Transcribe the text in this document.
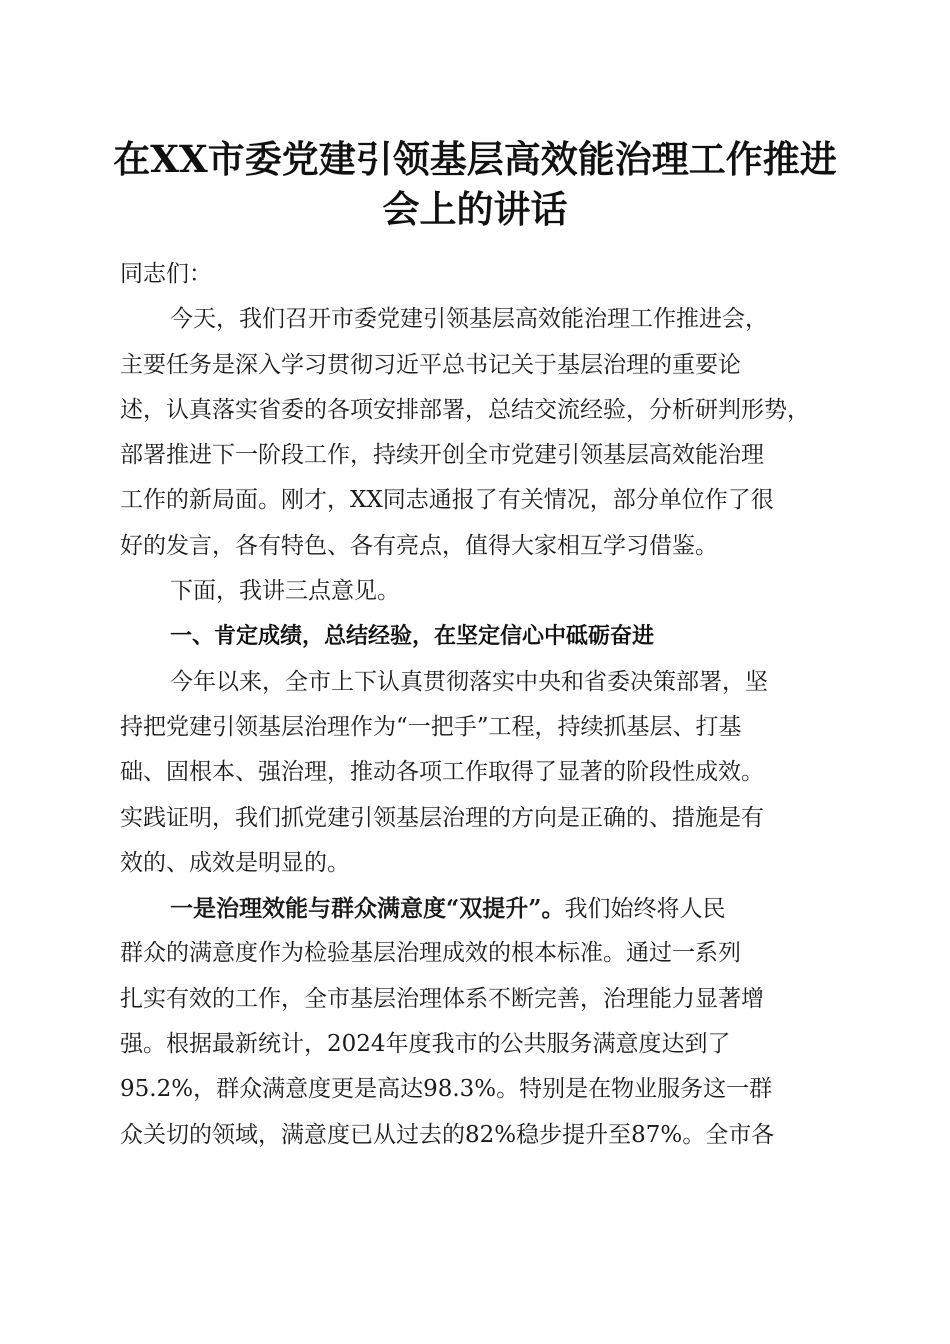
在XX市委党建引领基层高效能治理工作推进
会上的讲话
同志们：
今天，我们召开市委党建引领基层高效能治理工作推进会，
主要任务是深入学习贯彻习近平总书记关于基层治理的重要论
述，认真落实省委的各项安排部署，总结交流经验，分析研判形势，
部署推进下一阶段工作，持续开创全市党建引领基层高效能治理
工作的新局面。刚才，XX同志通报了有关情况，部分单位作了很
好的发言，各有特色、各有亮点，值得大家相互学习借鉴。
下面，我讲三点意见。
一、肯定成绩，总结经验，在坚定信心中砥砺奋进
今年以来，全市上下认真贯彻落实中央和省委决策部署，坚
持把党建引领基层治理作为“一把手”工程，持续抓基层、打基
础、固根本、强治理，推动各项工作取得了显著的阶段性成效。
实践证明，我们抓党建引领基层治理的方向是正确的、措施是有
效的、成效是明显的。
一是治理效能与群众满意度“双提升”。我们始终将人民
群众的满意度作为检验基层治理成效的根本标准。通过一系列
扎实有效的工作，全市基层治理体系不断完善，治理能力显著增
强。根据最新统计，2024年度我市的公共服务满意度达到了
95.2%，群众满意度更是高达98.3%。特别是在物业服务这一群
众关切的领域，满意度已从过去的82%稳步提升至87%。全市各
